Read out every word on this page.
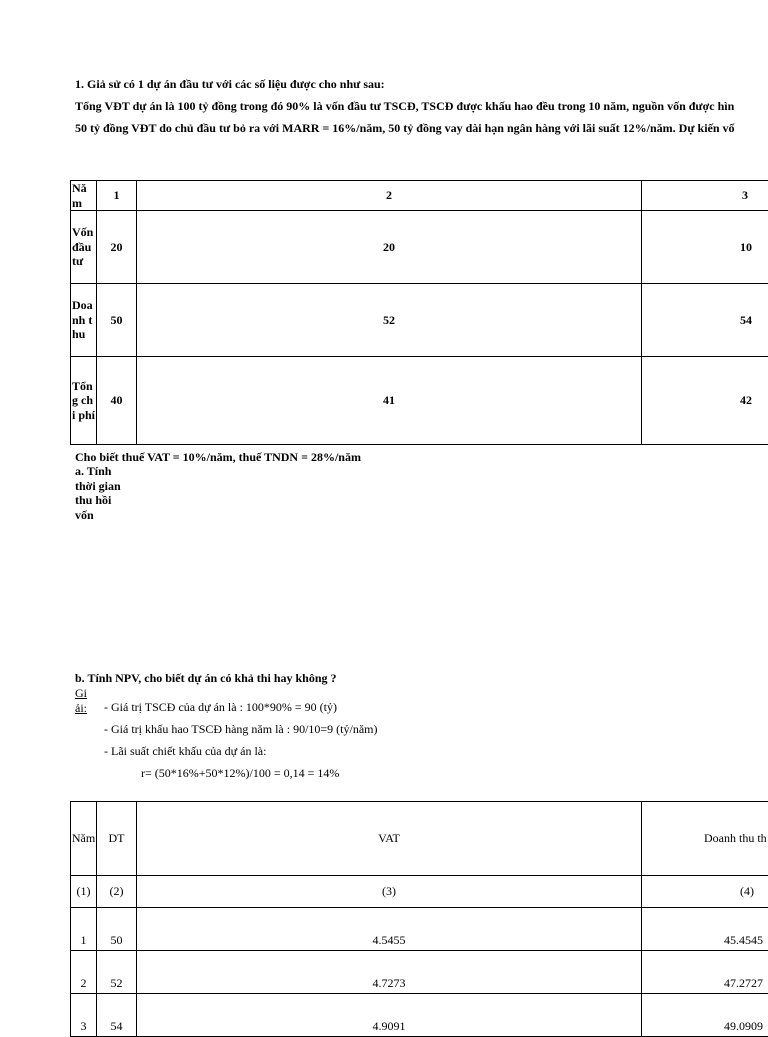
1. Giả sử có 1 dự án đầu tư với các số liệu được cho như sau:
Tổng VĐT dự án là 100 tỷ đồng trong đó 90% là vốn đầu tư TSCĐ, TSCĐ được khấu hao đều trong 10 năm, nguồn vốn được hìn
50 tỷ đồng VĐT do chủ đầu tư bỏ ra với MARR = 16%/năm, 50 tỷ đồng vay dài hạn ngân hàng với lãi suất 12%/năm. Dự kiến vố
Năm	1	2	3
Vốn đầu tư	20	20	10
Doanh thu	50	52	54
Tổng chi phí	40	41	42
Cho biết thuế VAT = 10%/năm, thuế TNDN = 28%/năm
a. Tính thời gian thu hồi vốn
b. Tính NPV, cho biết dự án có khả thi hay không ?
Giải:	- Giá trị TSCĐ của dự án là : 100*90% = 90 (tỷ)
- Giá trị khấu hao TSCĐ hàng năm là : 90/10=9 (tỷ/năm)
- Lãi suất chiết khấu của dự án là:
r= (50*16%+50*12%)/100 = 0,14 = 14%
Năm	DT	VAT	Doanh thu th
(1)	(2)	(3)	(4)
1	50	4.5455	45.4545
2	52	4.7273	47.2727
3	54	4.9091	49.0909
